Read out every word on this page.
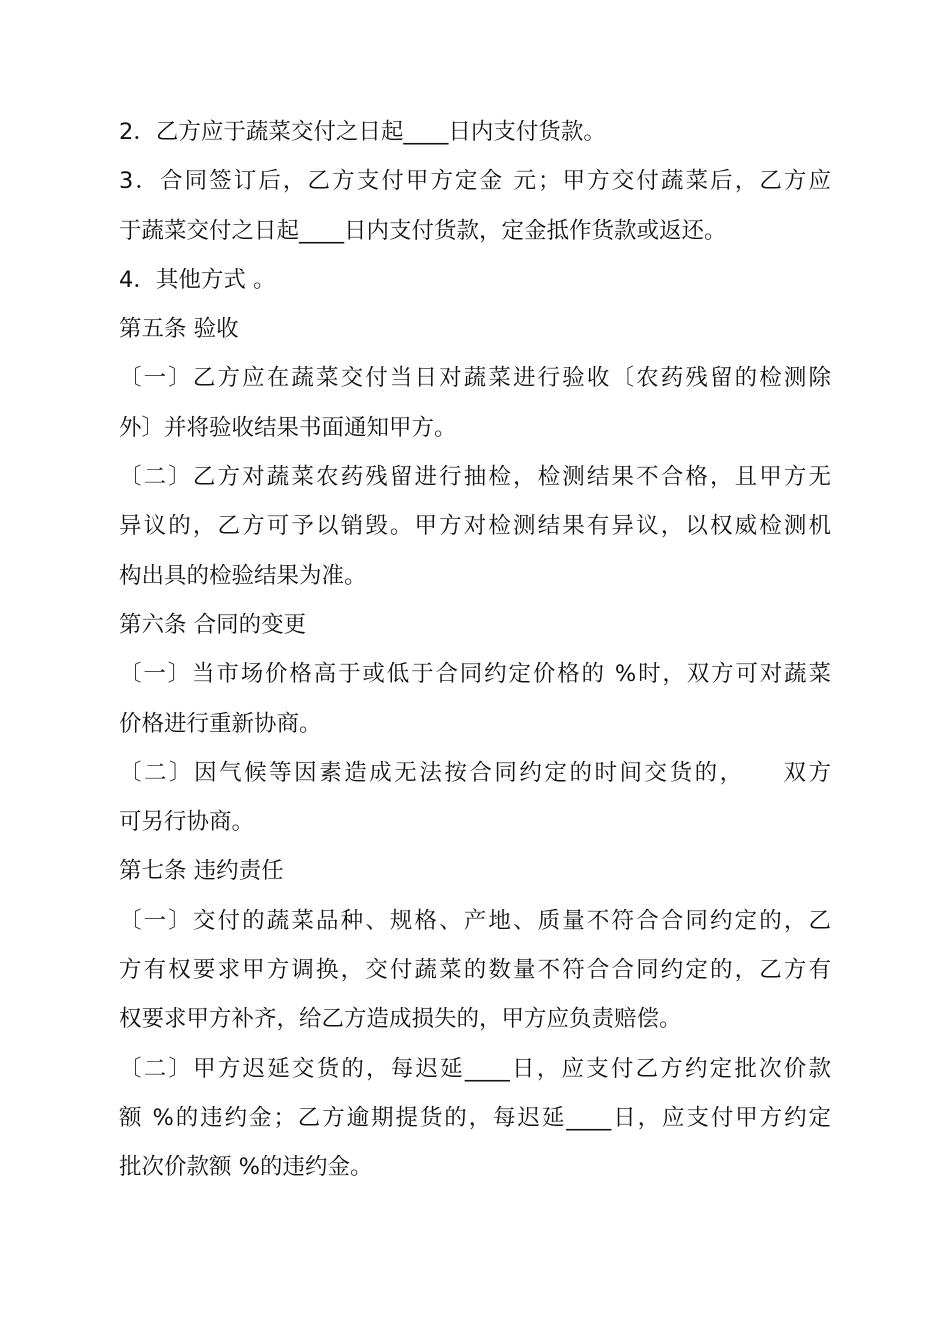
2．乙方应于蔬菜交付之日起____日内支付货款。
3．合同签订后，乙方支付甲方定金 元；甲方交付蔬菜后，乙方应
于蔬菜交付之日起____日内支付货款，定金抵作货款或返还。
4．其他方式 。
第五条 验收
〔一〕乙方应在蔬菜交付当日对蔬菜进行验收〔农药残留的检测除
外〕并将验收结果书面通知甲方。
〔二〕乙方对蔬菜农药残留进行抽检，检测结果不合格，且甲方无
异议的，乙方可予以销毁。甲方对检测结果有异议，以权威检测机
构出具的检验结果为准。
第六条 合同的变更
〔一〕当市场价格高于或低于合同约定价格的 %时，双方可对蔬菜
价格进行重新协商。
〔二〕因气候等因素造成无法按合同约定的时间交货的，　　双方
可另行协商。
第七条 违约责任
〔一〕交付的蔬菜品种、规格、产地、质量不符合合同约定的，乙
方有权要求甲方调换，交付蔬菜的数量不符合合同约定的，乙方有
权要求甲方补齐，给乙方造成损失的，甲方应负责赔偿。
〔二〕甲方迟延交货的，每迟延____日，应支付乙方约定批次价款
额 %的违约金；乙方逾期提货的，每迟延____日，应支付甲方约定
批次价款额 %的违约金。
